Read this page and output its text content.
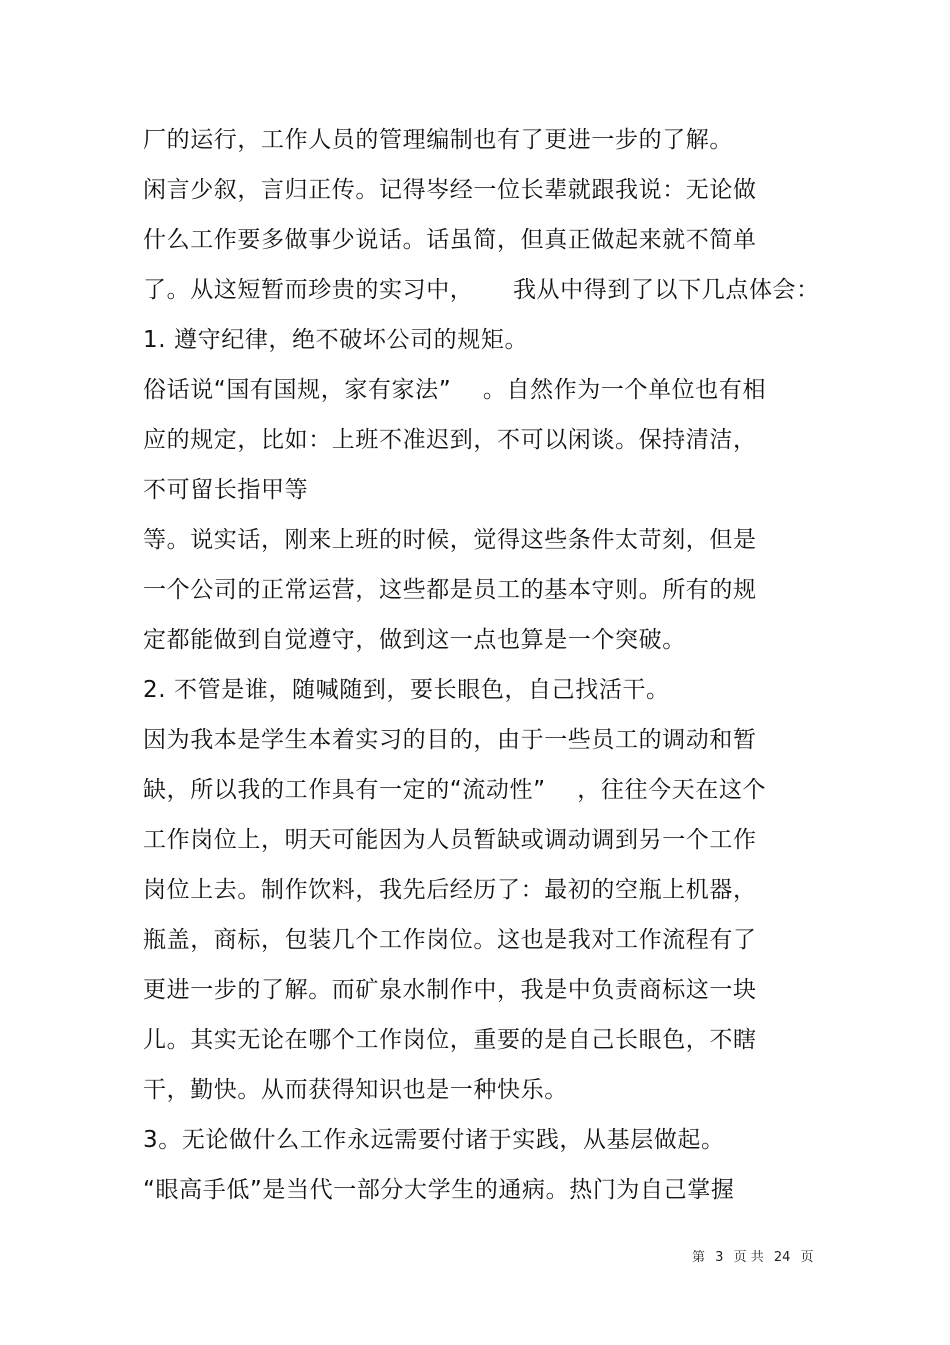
厂的运行，工作人员的管理编制也有了更进一步的了解。
闲言少叙，言归正传。记得岑经一位长辈就跟我说：无论做
什么工作要多做事少说话。话虽简，但真正做起来就不简单
了。从这短暂而珍贵的实习中，     我从中得到了以下几点体会：
1. 遵守纪律，绝不破坏公司的规矩。
俗话说“国有国规，家有家法”    。自然作为一个单位也有相
应的规定，比如：上班不准迟到，不可以闲谈。保持清洁，
不可留长指甲等
等。说实话，刚来上班的时候，觉得这些条件太苛刻，但是
一个公司的正常运营，这些都是员工的基本守则。所有的规
定都能做到自觉遵守，做到这一点也算是一个突破。
2. 不管是谁，随喊随到，要长眼色，自己找活干。
因为我本是学生本着实习的目的，由于一些员工的调动和暂
缺，所以我的工作具有一定的“流动性”    ，往往今天在这个
工作岗位上，明天可能因为人员暂缺或调动调到另一个工作
岗位上去。制作饮料，我先后经历了：最初的空瓶上机器，
瓶盖，商标，包装几个工作岗位。这也是我对工作流程有了
更进一步的了解。而矿泉水制作中，我是中负责商标这一块
儿。其实无论在哪个工作岗位，重要的是自己长眼色，不瞎
干，勤快。从而获得知识也是一种快乐。
3。无论做什么工作永远需要付诸于实践，从基层做起。
“眼高手低”是当代一部分大学生的通病。热门为自己掌握
第 3 页 共 24 页
